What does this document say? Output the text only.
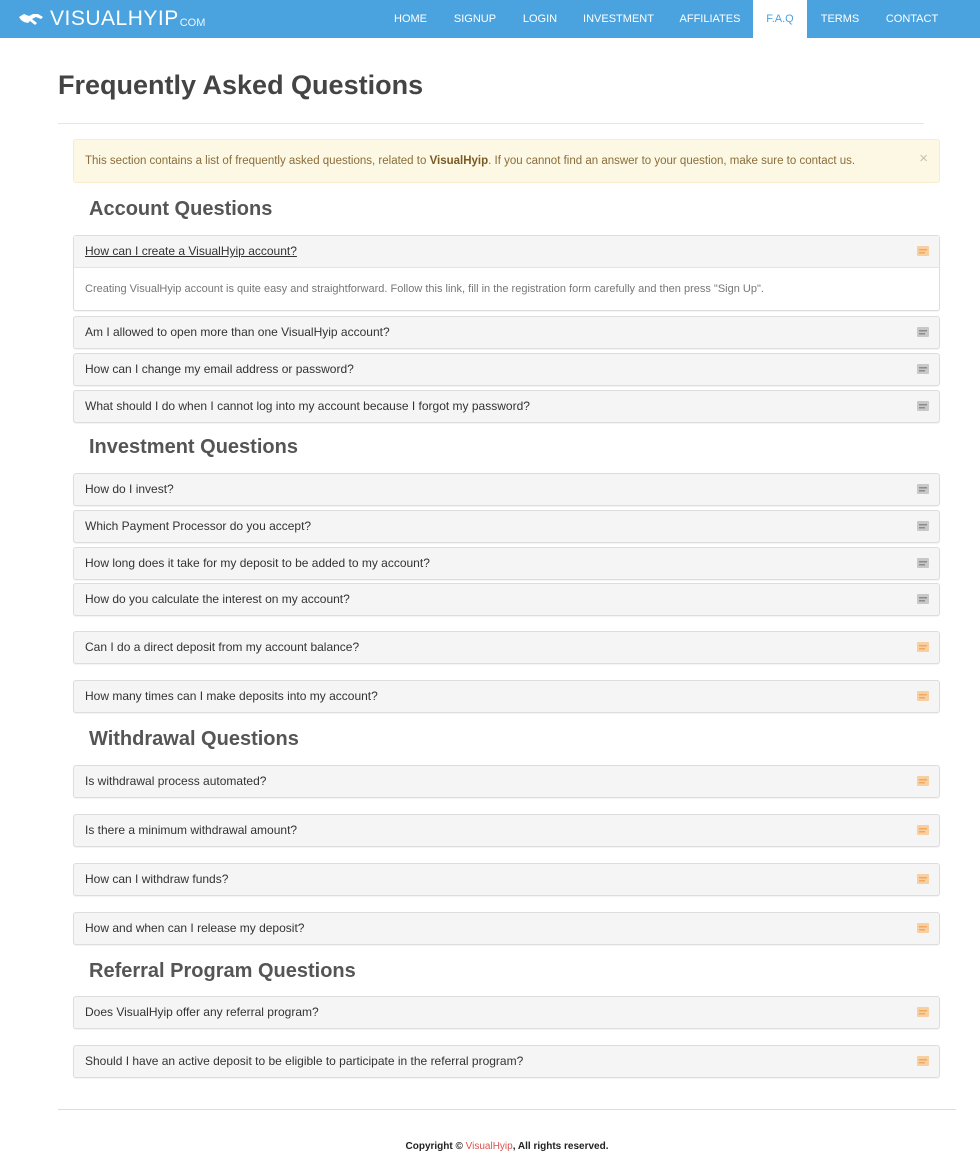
VISUALHYIP COM	HOME	SIGNUP	LOGIN	INVESTMENT	AFFILIATES	F.A.Q	TERMS	CONTACT
Frequently Asked Questions
This section contains a list of frequently asked questions, related to VisualHyip. If you cannot find an answer to your question, make sure to contact us.	×
Account Questions
How can I create a VisualHyip account?
Creating VisualHyip account is quite easy and straightforward. Follow this link, fill in the registration form carefully and then press "Sign Up".
Am I allowed to open more than one VisualHyip account?
How can I change my email address or password?
What should I do when I cannot log into my account because I forgot my password?
Investment Questions
How do I invest?
Which Payment Processor do you accept?
How long does it take for my deposit to be added to my account?
How do you calculate the interest on my account?
Can I do a direct deposit from my account balance?
How many times can I make deposits into my account?
Withdrawal Questions
Is withdrawal process automated?
Is there a minimum withdrawal amount?
How can I withdraw funds?
How and when can I release my deposit?
Referral Program Questions
Does VisualHyip offer any referral program?
Should I have an active deposit to be eligible to participate in the referral program?
Copyright © VisualHyip, All rights reserved.
